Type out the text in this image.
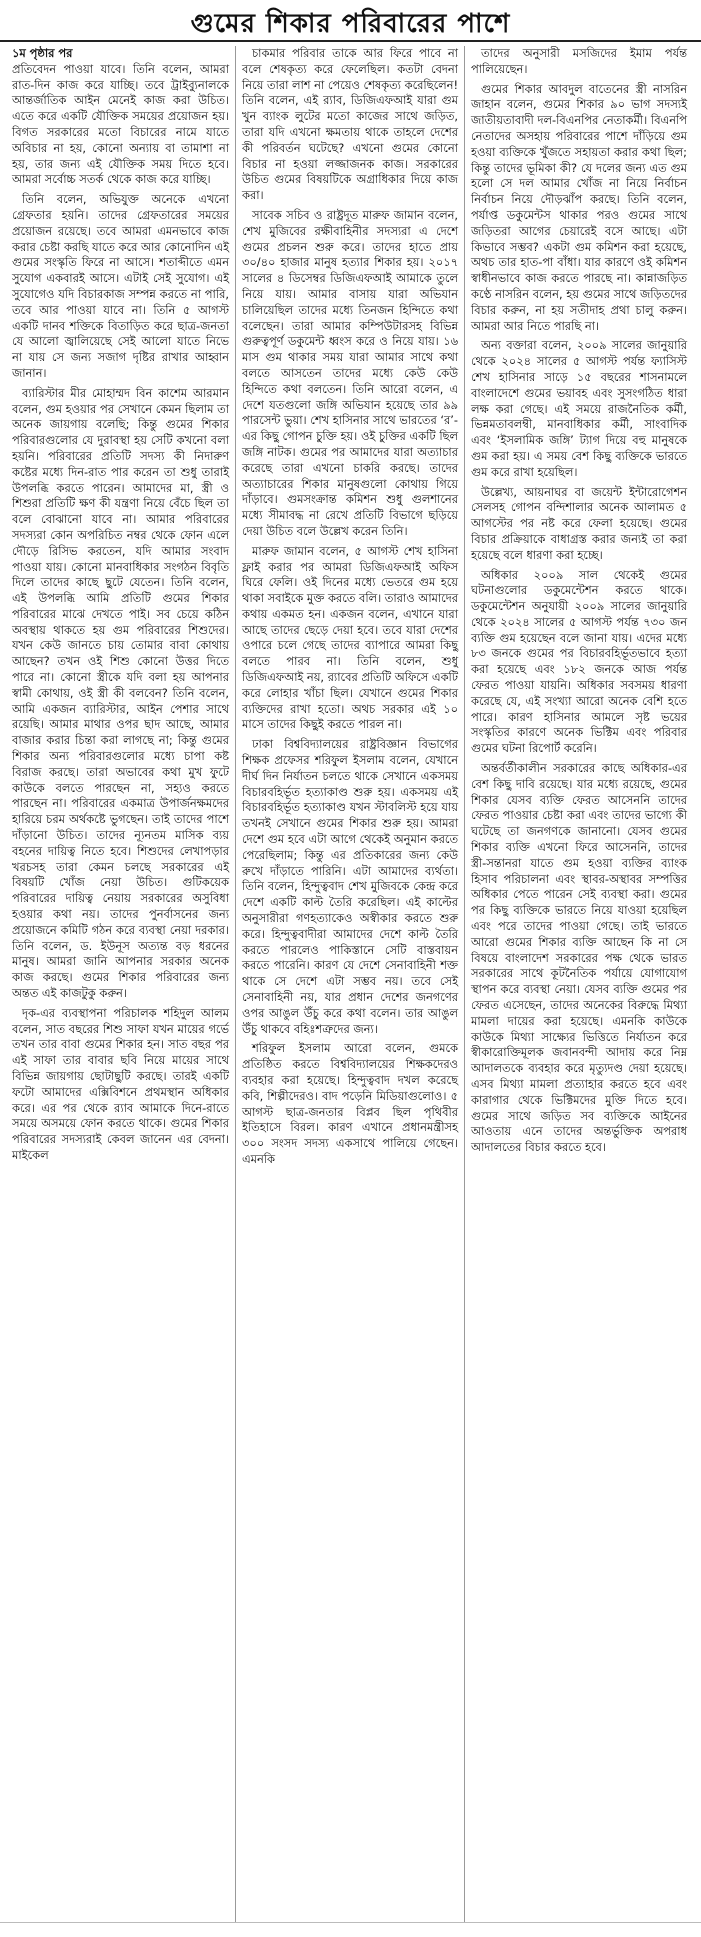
গুমের শিকার পরিবারের পাশে

১ম পৃষ্ঠার পর
প্রতিবেদন পাওয়া যাবে। তিনি বলেন, আমরা রাত-দিন কাজ করে যাচ্ছি। তবে ট্রাইব্যুনালকে আন্তর্জাতিক আইন মেনেই কাজ করা উচিত। এতে করে একটি যৌক্তিক সময়ের প্রয়োজন হয়। বিগত সরকারের মতো বিচারের নামে যাতে অবিচার না হয়, কোনো অন্যায় বা তামাশা না হয়, তার জন্য এই যৌক্তিক সময় দিতে হবে। আমরা সর্বোচ্চ সতর্ক থেকে কাজ করে যাচ্ছি।

তিনি বলেন, অভিযুক্ত অনেকে এখনো গ্রেফতার হয়নি। তাদের গ্রেফতারের সময়ের প্রয়োজন রয়েছে। তবে আমরা এমনভাবে কাজ করার চেষ্টা করছি যাতে করে আর কোনোদিন এই গুমের সংস্কৃতি ফিরে না আসে। শতাব্দীতে এমন সুযোগ একবারই আসে। এটাই সেই সুযোগ। এই সুযোগেও যদি বিচারকাজ সম্পন্ন করতে না পারি, তবে আর পাওয়া যাবে না। তিনি ৫ আগস্ট একটি দানব শক্তিকে বিতাড়িত করে ছাত্র-জনতা যে আলো জ্বালিয়েছে সেই আলো যাতে নিভে না যায় সে জন্য সজাগ দৃষ্টির রাখার আহ্বান জানান।

ব্যারিস্টার মীর মোহাম্মদ বিন কাশেম আরমান বলেন, গুম হওয়ার পর সেখানে কেমন ছিলাম তা অনেক জায়গায় বলেছি; কিন্তু গুমের শিকার পরিবারগুলোর যে দুরাবস্থা হয় সেটি কখনো বলা হয়নি। পরিবারের প্রতিটি সদস্য কী নিদারুণ কষ্টের মধ্যে দিন-রাত পার করেন তা শুধু তারাই উপলব্ধি করতে পারেন। আমাদের মা, স্ত্রী ও শিশুরা প্রতিটি ক্ষণ কী যন্ত্রণা নিয়ে বেঁচে ছিল তা বলে বোঝানো যাবে না। আমার পরিবারের সদস্যরা কোন অপরিচিত নম্বর থেকে ফোন এলে দৌড়ে রিসিভ করতেন, যদি আমার সংবাদ পাওয়া যায়। কোনো মানবাধিকার সংগঠন বিবৃতি দিলে তাদের কাছে ছুটে যেতেন। তিনি বলেন, এই উপলব্ধি আমি প্রতিটি গুমের শিকার পরিবারের মাঝে দেখতে পাই। সব চেয়ে কঠিন অবস্থায় থাকতে হয় গুম পরিবারের শিশুদের। যখন কেউ জানতে চায় তোমার বাবা কোথায় আছেন? তখন ওই শিশু কোনো উত্তর দিতে পারে না। কোনো স্ত্রীকে যদি বলা হয় আপনার স্বামী কোথায়, ওই স্ত্রী কী বলবেন? তিনি বলেন, আমি একজন ব্যারিস্টার, আইন পেশার সাথে রয়েছি। আমার মাথার ওপর ছাদ আছে, আমার বাজার করার চিন্তা করা লাগছে না; কিন্তু গুমের শিকার অন্য পরিবারগুলোর মধ্যে চাপা কষ্ট বিরাজ করছে। তারা অভাবের কথা মুখ ফুটে কাউকে বলতে পারছেন না, সহ্যও করতে পারছেন না। পরিবারের একমাত্র উপার্জনক্ষমদের হারিয়ে চরম অর্থকষ্টে ভুগছেন। তাই তাদের পাশে দাঁড়ানো উচিত। তাদের ন্যূনতম মাসিক ব্যয় বহনের দায়িত্ব নিতে হবে। শিশুদের লেখাপড়ার খরচসহ তারা কেমন চলছে সরকারের এই বিষয়টি খোঁজ নেয়া উচিত। গুটিকয়েক পরিবারের দায়িত্ব নেয়ায় সরকারের অসুবিধা হওয়ার কথা নয়। তাদের পুনর্বাসনের জন্য প্রয়োজনে কমিটি গঠন করে ব্যবস্থা নেয়া দরকার। তিনি বলেন, ড. ইউনূস অত্যন্ত বড় ধরনের মানুষ। আমরা জানি আপনার সরকার অনেক কাজ করছে। গুমের শিকার পরিবারের জন্য অন্তত এই কাজটুকু করুন।

দৃক-এর ব্যবস্থাপনা পরিচালক শহিদুল আলম বলেন, সাত বছরের শিশু সাফা যখন মায়ের গর্ভে তখন তার বাবা গুমের শিকার হন। সাত বছর পর এই সাফা তার বাবার ছবি নিয়ে মায়ের সাথে বিভিন্ন জায়গায় ছোটাছুটি করছে। তারই একটি ফটো আমাদের এক্সিবিশনে প্রথমস্থান অধিকার করে। এর পর থেকে র‍্যাব আমাকে দিনে-রাতে সময়ে অসময়ে ফোন করতে থাকে। গুমের শিকার পরিবারের সদস্যরাই কেবল জানেন এর বেদনা। মাইকেল

চাকমার পরিবার তাকে আর ফিরে পাবে না বলে শেষকৃত্য করে ফেলেছিল। কতটা বেদনা নিয়ে তারা লাশ না পেয়েও শেষকৃত্য করেছিলেন! তিনি বলেন, এই র‍্যাব, ডিজিএফআই যারা গুম খুন ব্যাংক লুটের মতো কাজের সাথে জড়িত, তারা যদি এখনো ক্ষমতায় থাকে তাহলে দেশের কী পরিবর্তন ঘটেছে? এখনো গুমের কোনো বিচার না হওয়া লজ্জাজনক কাজ। সরকারের উচিত গুমের বিষয়টিকে অগ্রাধিকার দিয়ে কাজ করা।

সাবেক সচিব ও রাষ্ট্রদূত মারুফ জামান বলেন, শেখ মুজিবের রক্ষীবাহিনীর সদস্যরা এ দেশে গুমের প্রচলন শুরু করে। তাদের হাতে প্রায় ৩০/৪০ হাজার মানুষ হত্যার শিকার হয়। ২০১৭ সালের ৪ ডিসেম্বর ডিজিএফআই আমাকে তুলে নিয়ে যায়। আমার বাসায় যারা অভিযান চালিয়েছিল তাদের মধ্যে তিনজন হিন্দিতে কথা বলেছেন। তারা আমার কম্পিউটারসহ বিভিন্ন গুরুত্বপূর্ণ ডকুমেন্ট ধ্বংস করে ও নিয়ে যায়। ১৬ মাস গুম থাকার সময় যারা আমার সাথে কথা বলতে আসতেন তাদের মধ্যে কেউ কেউ হিন্দিতে কথা বলতেন। তিনি আরো বলেন, এ দেশে যতগুলো জঙ্গি অভিযান হয়েছে তার ৯৯ পারসেন্ট ভুয়া। শেখ হাসিনার সাথে ভারতের ‘র’-এর কিছু গোপন চুক্তি হয়। ওই চুক্তির একটি ছিল জঙ্গি নাটক। গুমের পর আমাদের যারা অত্যাচার করেছে তারা এখনো চাকরি করছে। তাদের অত্যাচারের শিকার মানুষগুলো কোথায় গিয়ে দাঁড়াবে। গুমসংক্রান্ত কমিশন শুধু গুলশানের মধ্যে সীমাবদ্ধ না রেখে প্রতিটি বিভাগে ছড়িয়ে দেয়া উচিত বলে উল্লেখ করেন তিনি।

মারুফ জামান বলেন, ৫ আগস্ট শেখ হাসিনা ফ্লাই করার পর আমরা ডিজিএফআই অফিস ঘিরে ফেলি। ওই দিনের মধ্যে ভেতরে গুম হয়ে থাকা সবাইকে মুক্ত করতে বলি। তারাও আমাদের কথায় একমত হন। একজন বলেন, এখানে যারা আছে তাদের ছেড়ে দেয়া হবে। তবে যারা দেশের ওপারে চলে গেছে তাদের ব্যাপারে আমরা কিছু বলতে পারব না। তিনি বলেন, শুধু ডিজিএফআই নয়, র‍্যাবের প্রতিটি অফিসে একটি করে লোহার খাঁচা ছিল। যেখানে গুমের শিকার ব্যক্তিদের রাখা হতো। অথচ সরকার এই ১০ মাসে তাদের কিছুই করতে পারল না।

ঢাকা বিশ্ববিদ্যালয়ের রাষ্ট্রবিজ্ঞান বিভাগের শিক্ষক প্রফেসর শরিফুল ইসলাম বলেন, যেখানে দীর্ঘ দিন নির্যাতন চলতে থাকে সেখানে একসময় বিচারবহির্ভূত হত্যাকাণ্ড শুরু হয়। একসময় এই বিচারবহির্ভূত হত্যাকাণ্ড যখন স্টাবলিস্ট হয়ে যায় তখনই সেখানে গুমের শিকার শুরু হয়। আমরা দেশে গুম হবে এটা আগে থেকেই অনুমান করতে পেরেছিলাম; কিন্তু এর প্রতিকারের জন্য কেউ রুখে দাঁড়াতে পারিনি। এটা আমাদের ব্যর্থতা। তিনি বলেন, হিন্দুত্ববাদ শেখ মুজিবকে কেন্দ্র করে দেশে একটি কাল্ট তৈরি করেছিল। এই কাল্টের অনুসারীরা গণহত্যাকেও অস্বীকার করতে শুরু করে। হিন্দুত্ববাদীরা আমাদের দেশে কাল্ট তৈরি করতে পারলেও পাকিস্তানে সেটি বাস্তবায়ন করতে পারেনি। কারণ যে দেশে সেনাবাহিনী শক্ত থাকে সে দেশে এটা সম্ভব নয়। তবে সেই সেনাবাহিনী নয়, যার প্রধান দেশের জনগণের ওপর আঙুল উঁচু করে কথা বলেন। তার আঙুল উঁচু থাকবে বহিঃশত্রুদের জন্য।

শরিফুল ইসলাম আরো বলেন, গুমকে প্রতিষ্ঠিত করতে বিশ্ববিদ্যালয়ের শিক্ষকদেরও ব্যবহার করা হয়েছে। হিন্দুত্ববাদ দখল করেছে কবি, শিল্পীদেরও। বাদ পড়েনি মিডিয়াগুলোও। ৫ আগস্ট ছাত্র-জনতার বিপ্লব ছিল পৃথিবীর ইতিহাসে বিরল। কারণ এখানে প্রধানমন্ত্রীসহ ৩০০ সংসদ সদস্য একসাথে পালিয়ে গেছেন। এমনকি

তাদের অনুসারী মসজিদের ইমাম পর্যন্ত পালিয়েছেন।

গুমের শিকার আবদুল বাতেনের স্ত্রী নাসরিন জাহান বলেন, গুমের শিকার ৯০ ভাগ সদস্যই জাতীয়তাবাদী দল-বিএনপির নেতাকর্মী। বিএনপি নেতাদের অসহায় পরিবারের পাশে দাঁড়িয়ে গুম হওয়া ব্যক্তিকে খুঁজতে সহায়তা করার কথা ছিল; কিন্তু তাদের ভূমিকা কী? যে দলের জন্য এত গুম হলো সে দল আমার খোঁজ না নিয়ে নির্বাচন নির্বাচন নিয়ে দৌড়ঝাঁপ করছে। তিনি বলেন, পর্যাপ্ত ডকুমেন্টস থাকার পরও গুমের সাথে জড়িতরা আগের চেয়ারেই বসে আছে। এটা কিভাবে সম্ভব? একটা গুম কমিশন করা হয়েছে, অথচ তার হাত-পা বাঁধা। যার কারণে ওই কমিশন স্বাধীনভাবে কাজ করতে পারছে না। কান্নাজড়িত কণ্ঠে নাসরিন বলেন, হয় গুমের সাথে জড়িতদের বিচার করুন, না হয় সতীদাহ প্রথা চালু করুন। আমরা আর নিতে পারছি না।

অন্য বক্তারা বলেন, ২০০৯ সালের জানুয়ারি থেকে ২০২৪ সালের ৫ আগস্ট পর্যন্ত ফ্যাসিস্ট শেখ হাসিনার সাড়ে ১৫ বছরের শাসনামলে বাংলাদেশে গুমের ভয়াবহ এবং সুসংগঠিত ধারা লক্ষ করা গেছে। এই সময়ে রাজনৈতিক কর্মী, ভিন্নমতাবলম্বী, মানবাধিকার কর্মী, সাংবাদিক এবং ‘ইসলামিক জঙ্গি’ ট্যাগ দিয়ে বহু মানুষকে গুম করা হয়। এ সময় বেশ কিছু ব্যক্তিকে ভারতে গুম করে রাখা হয়েছিল।

উল্লেখ্য, আয়নাঘর বা জয়েন্ট ইন্টারোগেশন সেলসহ গোপন বন্দিশালার অনেক আলামত ৫ আগস্টের পর নষ্ট করে ফেলা হয়েছে। গুমের বিচার প্রক্রিয়াকে বাধাগ্রস্ত করার জন্যই তা করা হয়েছে বলে ধারণা করা হচ্ছে।

অধিকার ২০০৯ সাল থেকেই গুমের ঘটনাগুলোর ডকুমেন্টেশন করতে থাকে। ডকুমেন্টেশন অনুযায়ী ২০০৯ সালের জানুয়ারি থেকে ২০২৪ সালের ৫ আগস্ট পর্যন্ত ৭৩০ জন ব্যক্তি গুম হয়েছেন বলে জানা যায়। এদের মধ্যে ৮৩ জনকে গুমের পর বিচারবহির্ভূতভাবে হত্যা করা হয়েছে এবং ১৮২ জনকে আজ পর্যন্ত ফেরত পাওয়া যায়নি। অধিকার সবসময় ধারণা করেছে যে, এই সংখ্যা আরো অনেক বেশি হতে পারে। কারণ হাসিনার আমলে সৃষ্ট ভয়ের সংস্কৃতির কারণে অনেক ভিক্টিম এবং পরিবার গুমের ঘটনা রিপোর্ট করেনি।

অন্তর্বর্তীকালীন সরকারের কাছে অধিকার-এর বেশ কিছু দাবি রয়েছে। যার মধ্যে রয়েছে, গুমের শিকার যেসব ব্যক্তি ফেরত আসেননি তাদের ফেরত পাওয়ার চেষ্টা করা এবং তাদের ভাগ্যে কী ঘটেছে তা জনগণকে জানানো। যেসব গুমের শিকার ব্যক্তি এখনো ফিরে আসেননি, তাদের স্ত্রী-সন্তানরা যাতে গুম হওয়া ব্যক্তির ব্যাংক হিসাব পরিচালনা এবং স্থাবর-অস্থাবর সম্পত্তির অধিকার পেতে পারেন সেই ব্যবস্থা করা। গুমের পর কিছু ব্যক্তিকে ভারতে নিয়ে যাওয়া হয়েছিল এবং পরে তাদের পাওয়া গেছে। তাই ভারতে আরো গুমের শিকার ব্যক্তি আছেন কি না সে বিষয়ে বাংলাদেশ সরকারের পক্ষ থেকে ভারত সরকারের সাথে কূটনৈতিক পর্যায়ে যোগাযোগ স্থাপন করে ব্যবস্থা নেয়া। যেসব ব্যক্তি গুমের পর ফেরত এসেছেন, তাদের অনেকের বিরুদ্ধে মিথ্যা মামলা দায়ের করা হয়েছে। এমনকি কাউকে কাউকে মিথ্যা সাক্ষ্যের ভিত্তিতে নির্যাতন করে স্বীকারোক্তিমূলক জবানবন্দী আদায় করে নিম্ন আদালতকে ব্যবহার করে মৃত্যুদণ্ড দেয়া হয়েছে। এসব মিথ্যা মামলা প্রত্যাহার করতে হবে এবং কারাগার থেকে ভিক্টিমদের মুক্তি দিতে হবে। গুমের সাথে জড়িত সব ব্যক্তিকে আইনের আওতায় এনে তাদের অন্তর্ভুক্তিক অপরাধ আদালতের বিচার করতে হবে।
